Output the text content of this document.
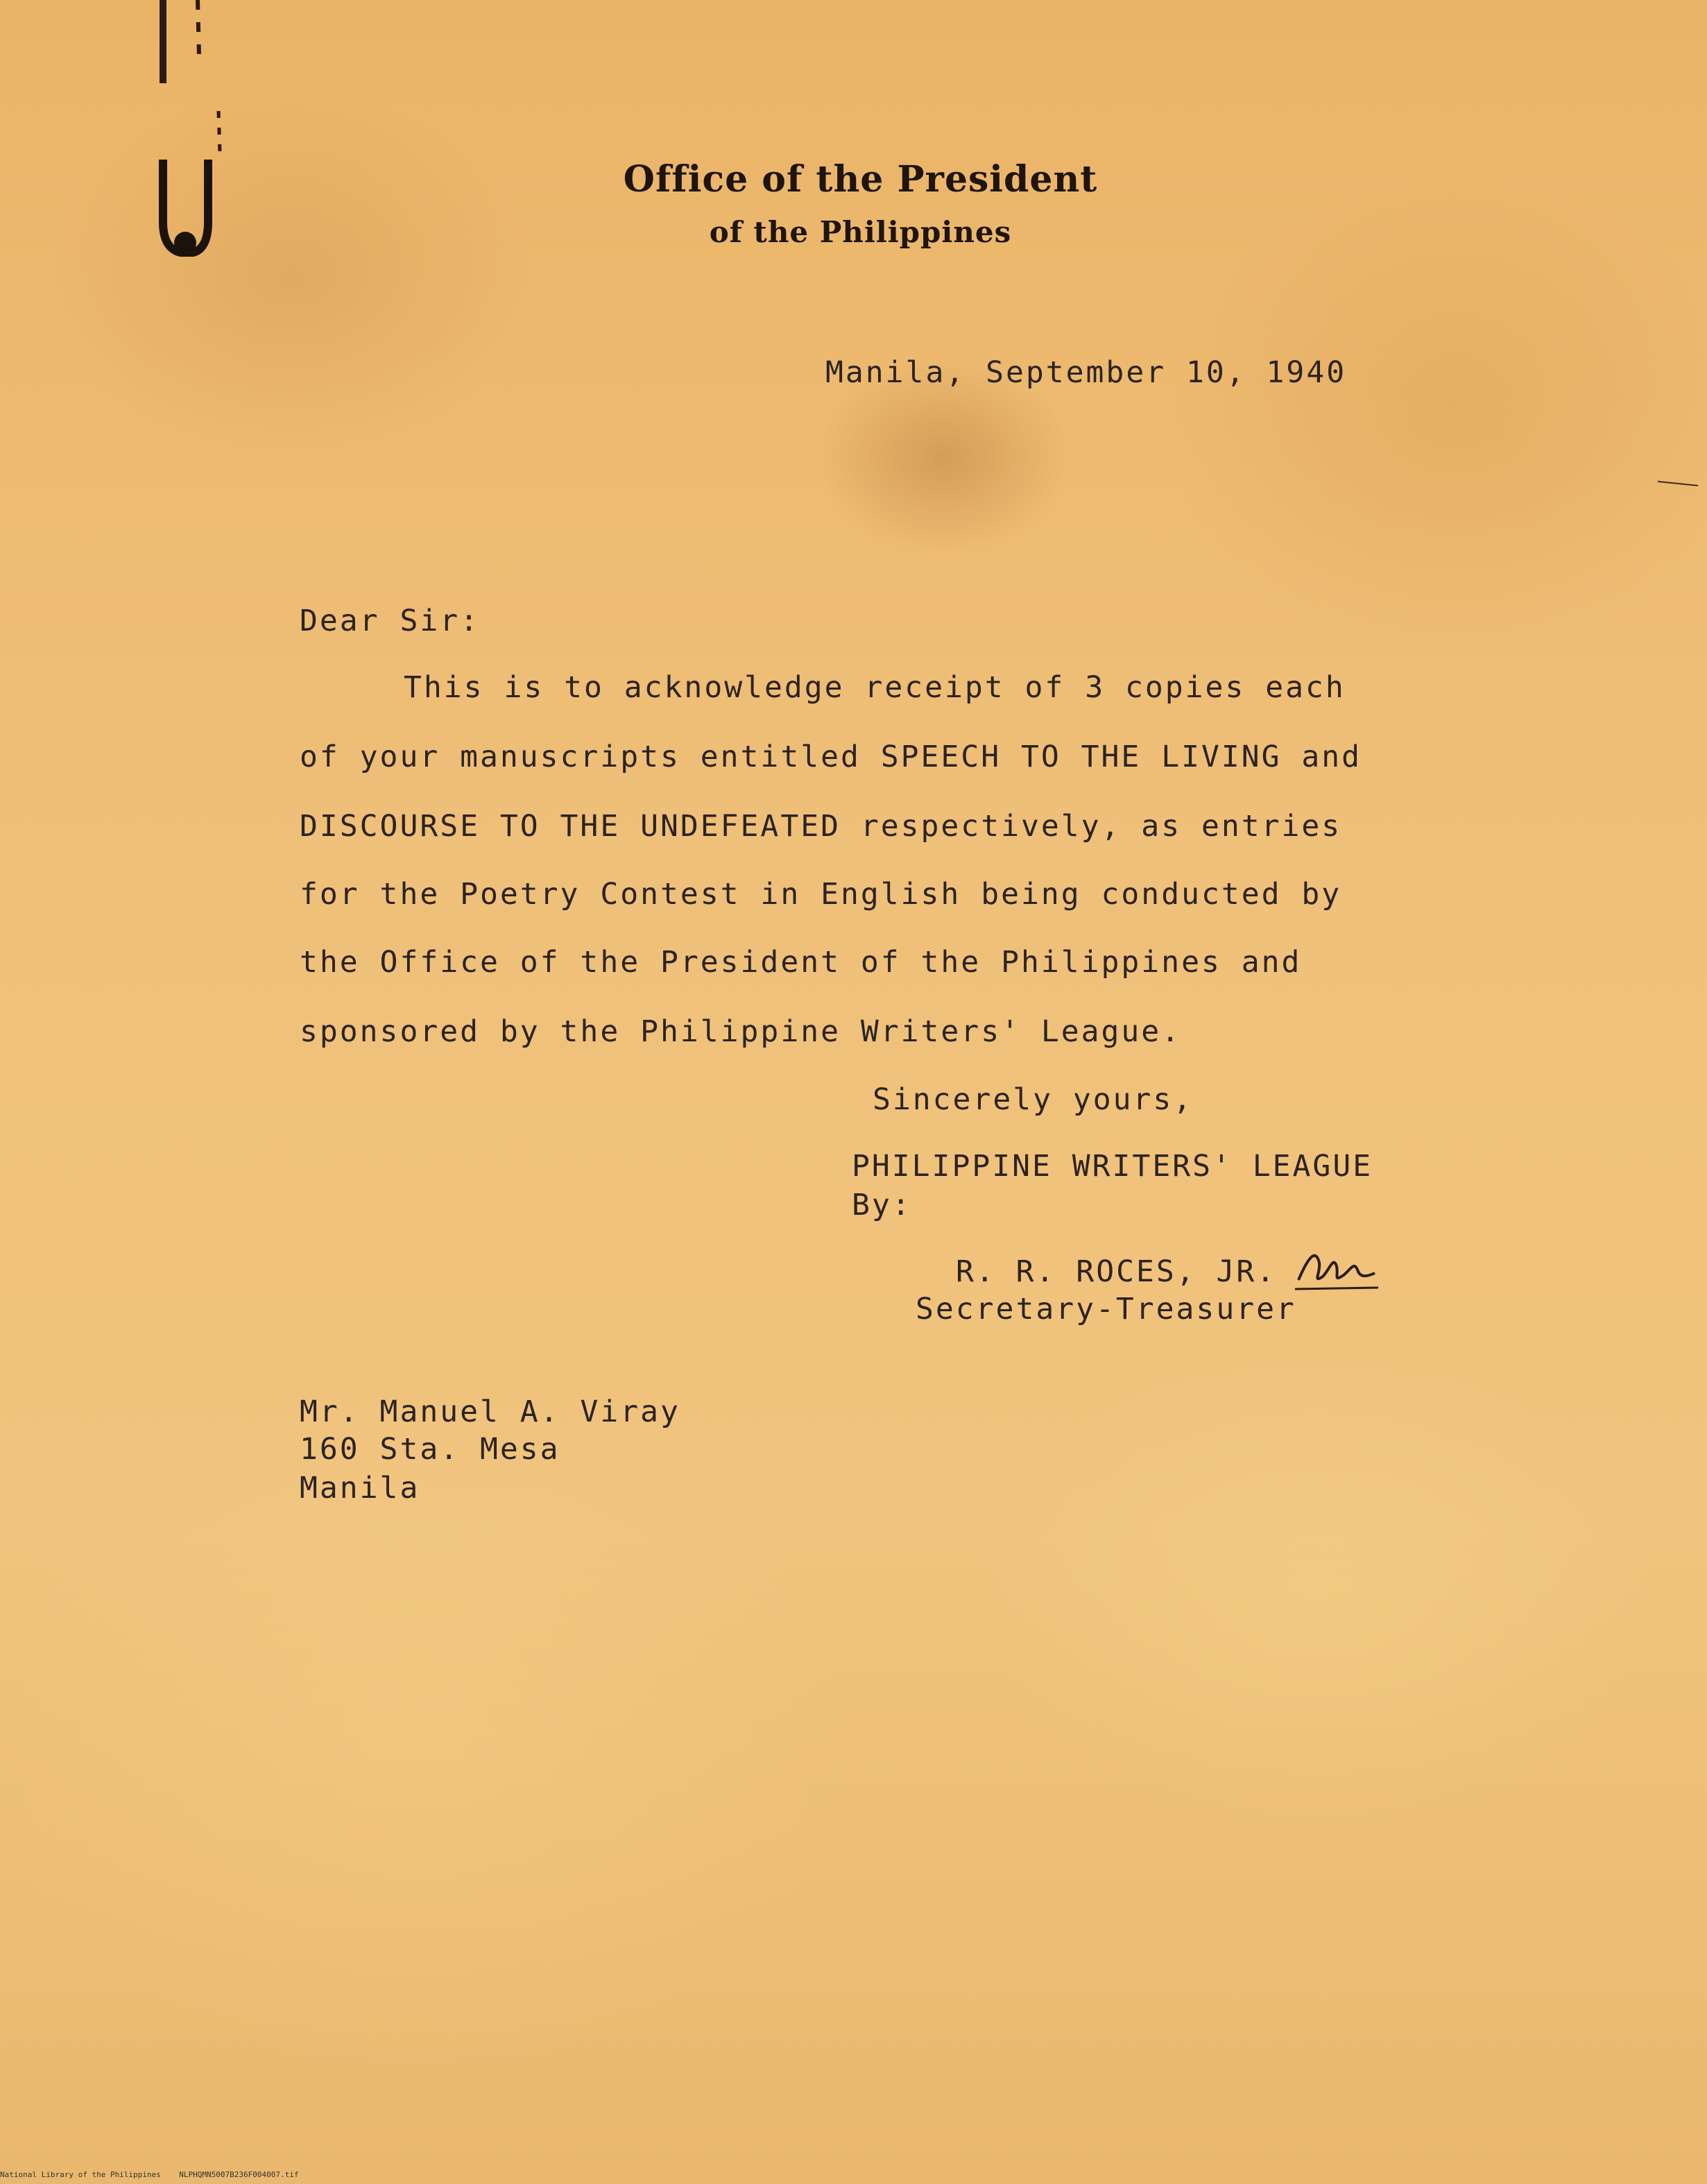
Office of the President
of the Philippines
Manila, September 10, 1940
Dear Sir:
This is to acknowledge receipt of 3 copies each
of your manuscripts entitled SPEECH TO THE LIVING and
DISCOURSE TO THE UNDEFEATED respectively, as entries
for the Poetry Contest in English being conducted by
the Office of the President of the Philippines and
sponsored by the Philippine Writers' League.
Sincerely yours,
PHILIPPINE WRITERS' LEAGUE
By:
R. R. ROCES, JR.
Secretary-Treasurer
Mr. Manuel A. Viray
160 Sta. Mesa
Manila
National Library of the Philippines    NLPHQMN5007B236F004007.tif
